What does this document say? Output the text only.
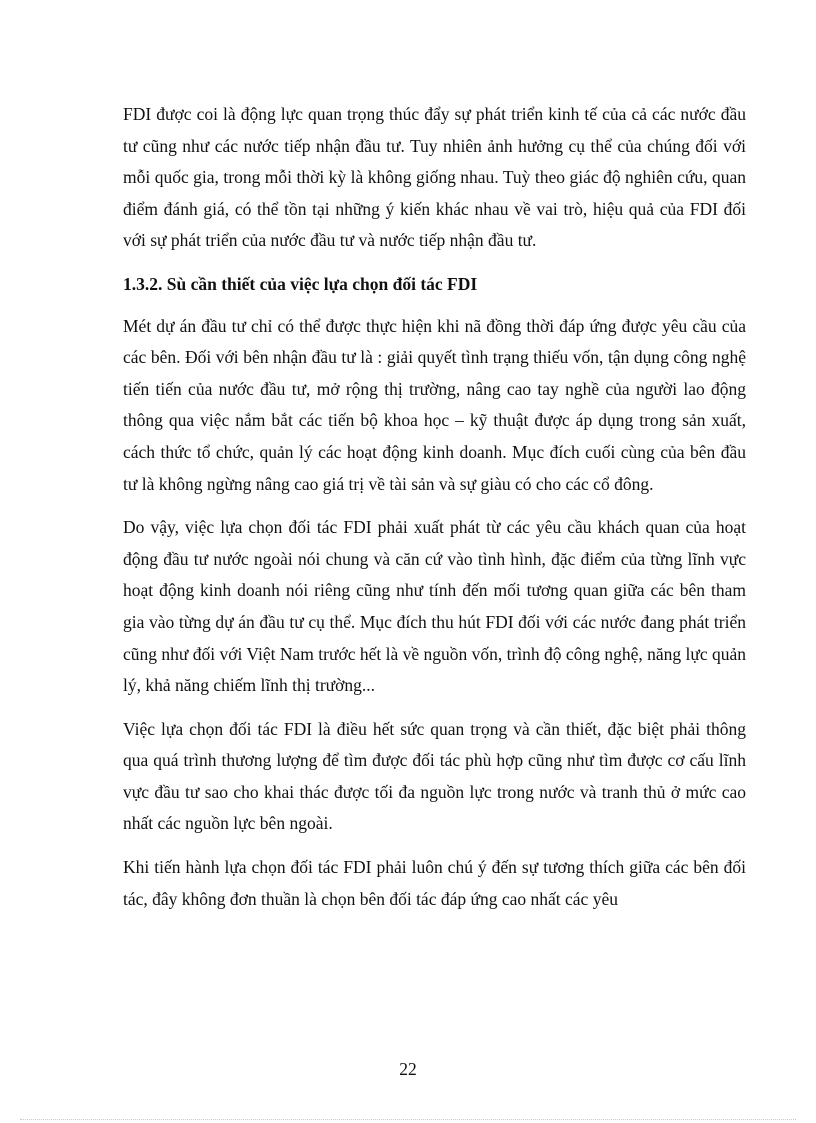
FDI được coi là động lực quan trọng thúc đẩy sự phát triển kinh tế của cả các nước đầu tư cũng như các nước tiếp nhận đầu tư. Tuy nhiên ảnh hưởng cụ thể của chúng đối với mỗi quốc gia, trong mỗi thời kỳ là không giống nhau. Tuỳ theo giác độ nghiên cứu, quan điểm đánh giá, có thể tồn tại những ý kiến khác nhau về vai trò, hiệu quả của FDI đối với sự phát triển của nước đầu tư và nước tiếp nhận đầu tư.

1.3.2. Sù cần thiết của việc lựa chọn đối tác FDI

Mét dự án đầu tư chỉ có thể được thực hiện khi nã đồng thời đáp ứng được yêu cầu của các bên. Đối với bên nhận đầu tư là : giải quyết tình trạng thiếu vốn, tận dụng công nghệ tiến tiến của nước đầu tư, mở rộng thị trường, nâng cao tay nghề của người lao động thông qua việc nắm bắt các tiến bộ khoa học – kỹ thuật được áp dụng trong sản xuất, cách thức tổ chức, quản lý các hoạt động kinh doanh. Mục đích cuối cùng của bên đầu tư là không ngừng nâng cao giá trị về tài sản và sự giàu có cho các cổ đông.

Do vậy, việc lựa chọn đối tác FDI phải xuất phát từ các yêu cầu khách quan của hoạt động đầu tư nước ngoài nói chung và căn cứ vào tình hình, đặc điểm của từng lĩnh vực hoạt động kinh doanh nói riêng cũng như tính đến mối tương quan giữa các bên tham gia vào từng dự án đầu tư cụ thể. Mục đích thu hút FDI đối với các nước đang phát triển cũng như đối với Việt Nam trước hết là về nguồn vốn, trình độ công nghệ, năng lực quản lý, khả năng chiếm lĩnh thị trường...

Việc lựa chọn đối tác FDI là điều hết sức quan trọng và cần thiết, đặc biệt phải thông qua quá trình thương lượng để tìm được đối tác phù hợp cũng như tìm được cơ cấu lĩnh vực đầu tư sao cho khai thác được tối đa nguồn lực trong nước và tranh thủ ở mức cao nhất các nguồn lực bên ngoài.

Khi tiến hành lựa chọn đối tác FDI phải luôn chú ý đến sự tương thích giữa các bên đối tác, đây không đơn thuần là chọn bên đối tác đáp ứng cao nhất các yêu

22
